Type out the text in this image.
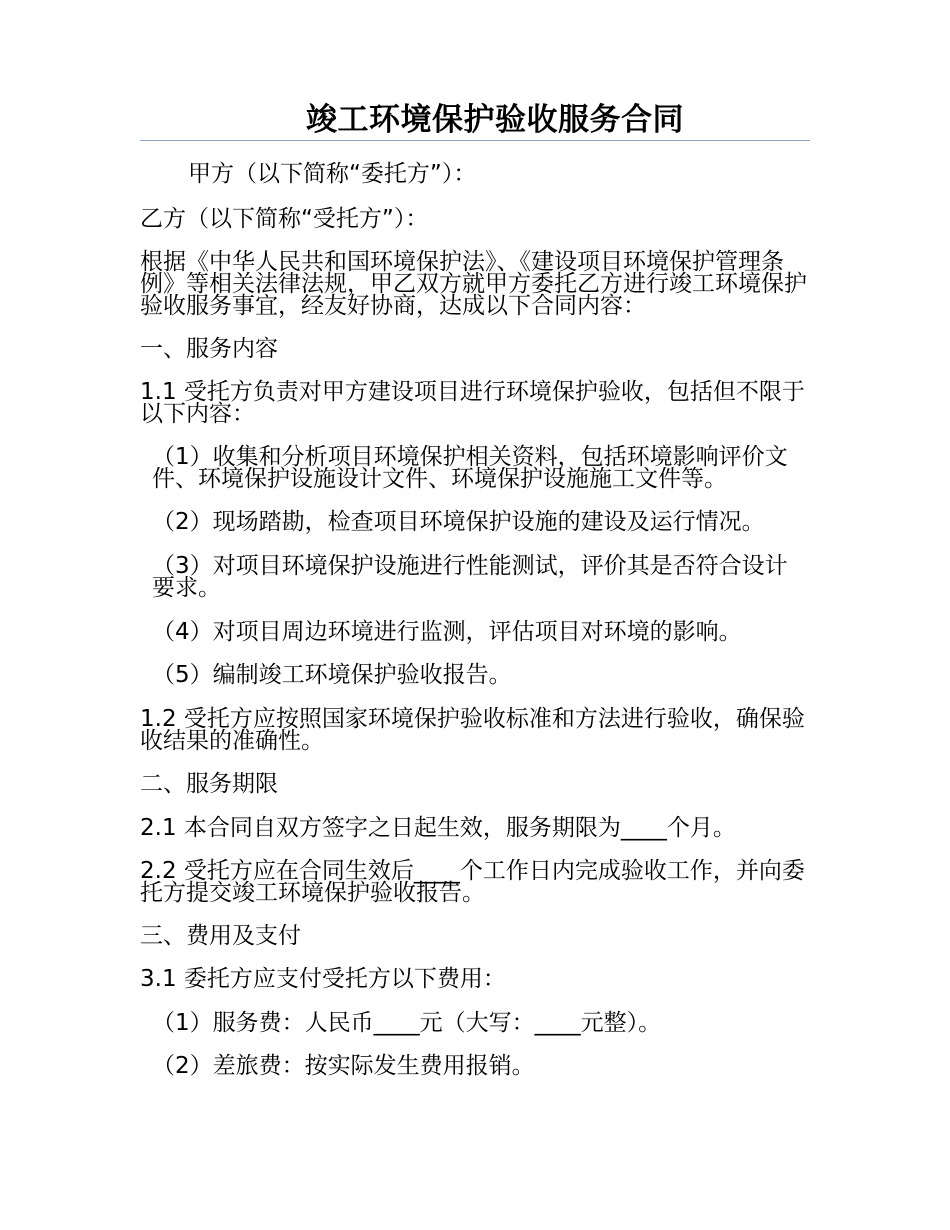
竣工环境保护验收服务合同
甲方（以下简称“委托方”）：
乙方（以下简称“受托方”）：
根据《中华人民共和国环境保护法》、《建设项目环境保护管理条例》等相关法律法规，甲乙双方就甲方委托乙方进行竣工环境保护验收服务事宜，经友好协商，达成以下合同内容：
一、服务内容
1.1 受托方负责对甲方建设项目进行环境保护验收，包括但不限于以下内容：
（1）收集和分析项目环境保护相关资料，包括环境影响评价文件、环境保护设施设计文件、环境保护设施施工文件等。
（2）现场踏勘，检查项目环境保护设施的建设及运行情况。
（3）对项目环境保护设施进行性能测试，评价其是否符合设计要求。
（4）对项目周边环境进行监测，评估项目对环境的影响。
（5）编制竣工环境保护验收报告。
1.2 受托方应按照国家环境保护验收标准和方法进行验收，确保验收结果的准确性。
二、服务期限
2.1 本合同自双方签字之日起生效，服务期限为____个月。
2.2 受托方应在合同生效后____个工作日内完成验收工作，并向委托方提交竣工环境保护验收报告。
三、费用及支付
3.1 委托方应支付受托方以下费用：
（1）服务费：人民币____元（大写：____元整）。
（2）差旅费：按实际发生费用报销。
